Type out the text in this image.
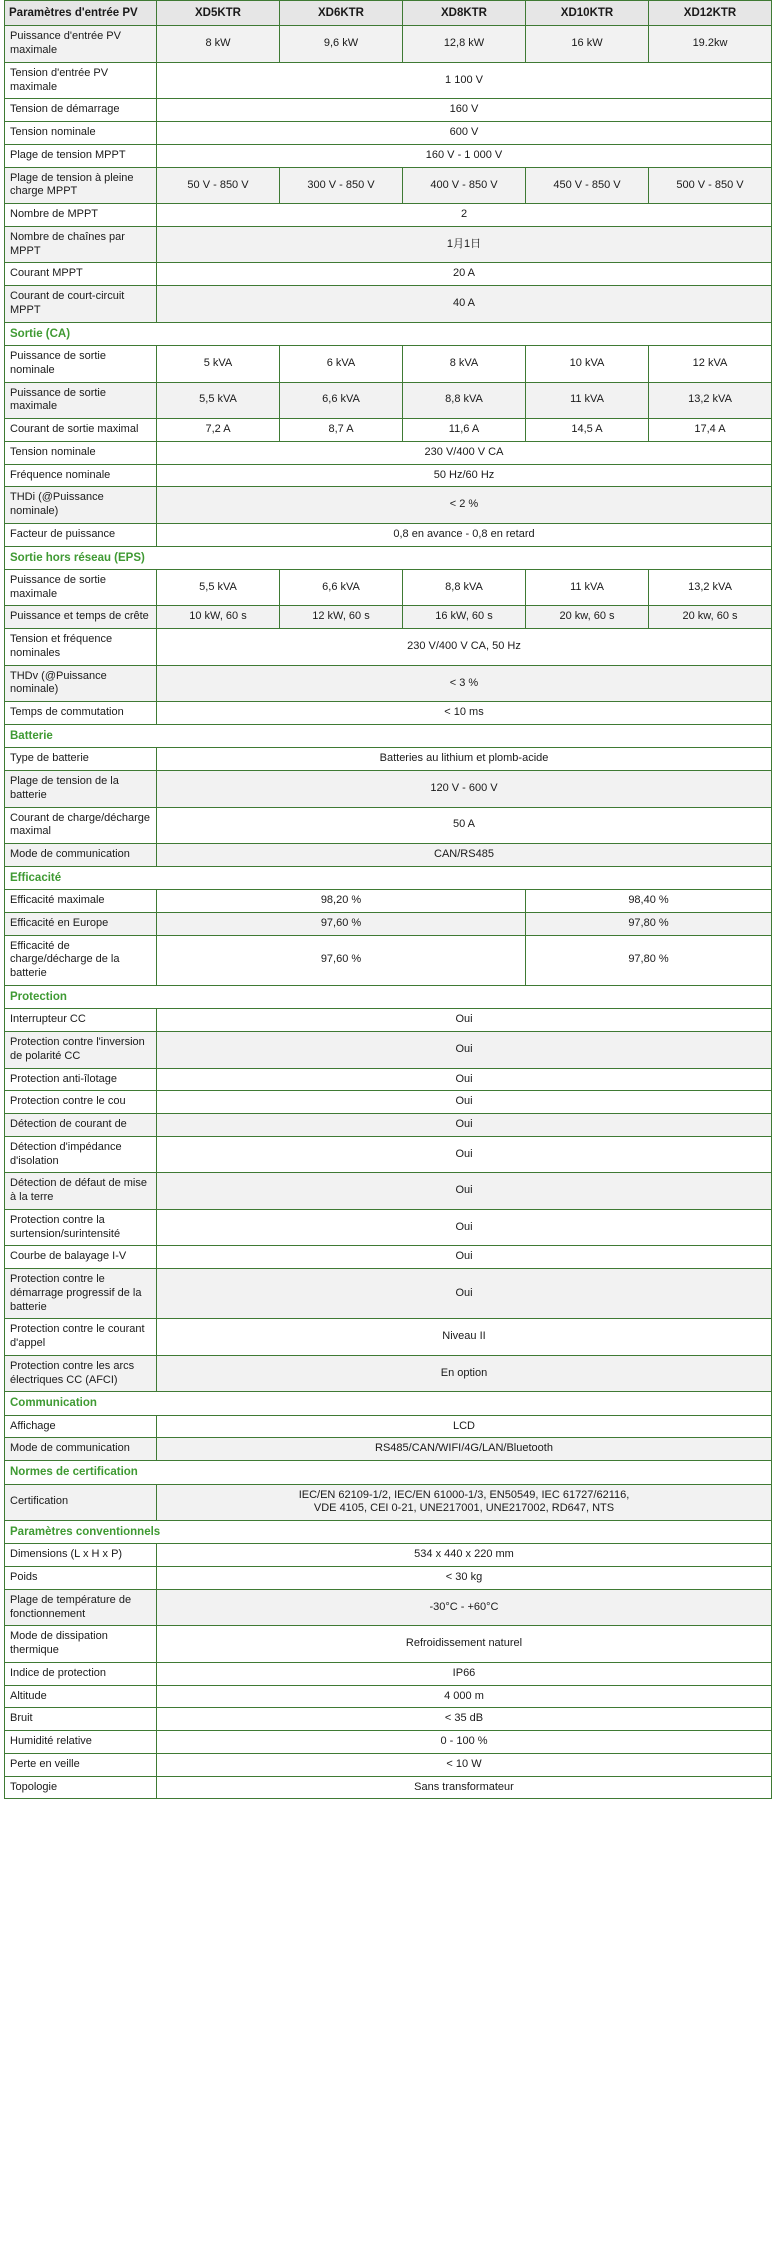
Paramètres d'entrée PV	XD5KTR	XD6KTR	XD8KTR	XD10KTR	XD12KTR
Puissance d'entrée PV maximale	8 kW	9,6 kW	12,8 kW	16 kW	19.2kw
Tension d'entrée PV maximale	1 100 V				
Tension de démarrage	160 V				
Tension nominale	600 V				
Plage de tension MPPT	160 V - 1 000 V				
Plage de tension à pleine charge MPPT	50 V - 850 V	300 V - 850 V	400 V - 850 V	450 V - 850 V	500 V - 850 V
Nombre de MPPT	2				
Nombre de chaînes par MPPT	1月1日				
Courant MPPT	20 A				
Courant de court-circuit MPPT	40 A				
Sortie (CA)					
Puissance de sortie nominale	5 kVA	6 kVA	8 kVA	10 kVA	12 kVA
Puissance de sortie maximale	5,5 kVA	6,6 kVA	8,8 kVA	11 kVA	13,2 kVA
Courant de sortie maximal	7,2 A	8,7 A	11,6 A	14,5 A	17,4 A
Tension nominale	230 V/400 V CA				
Fréquence nominale	50 Hz/60 Hz				
THDi (@Puissance nominale)	< 2 %				
Facteur de puissance	0,8 en avance - 0,8 en retard				
Sortie hors réseau (EPS)					
Puissance de sortie maximale	5,5 kVA	6,6 kVA	8,8 kVA	11 kVA	13,2 kVA
Puissance et temps de crête	10 kW, 60 s	12 kW, 60 s	16 kW, 60 s	20 kw, 60 s	20 kw, 60 s
Tension et fréquence nominales	230 V/400 V CA, 50 Hz				
THDv (@Puissance nominale)	< 3 %				
Temps de commutation	< 10 ms				
Batterie					
Type de batterie	Batteries au lithium et plomb-acide				
Plage de tension de la batterie	120 V - 600 V				
Courant de charge/décharge maximal	50 A				
Mode de communication	CAN/RS485				
Efficacité					
Efficacité maximale	98,20 %			98,40 %	
Efficacité en Europe	97,60 %			97,80 %	
Efficacité de charge/décharge de la batterie	97,60 %			97,80 %	
Protection					
Interrupteur CC	Oui				
Protection contre l'inversion de polarité CC	Oui				
Protection anti-îlotage	Oui				
Protection contre le cou	Oui				
Détection de courant de	Oui				
Détection d'impédance d'isolation	Oui				
Détection de défaut de mise à la terre	Oui				
Protection contre la surtension/surintensité	Oui				
Courbe de balayage I-V	Oui				
Protection contre le démarrage progressif de la batterie	Oui				
Protection contre le courant d'appel	Niveau II				
Protection contre les arcs électriques CC (AFCI)	En option				
Communication					
Affichage	LCD				
Mode de communication	RS485/CAN/WIFI/4G/LAN/Bluetooth				
Normes de certification					
Certification	IEC/EN 62109-1/2, IEC/EN 61000-1/3, EN50549, IEC 61727/62116,
VDE 4105, CEI 0-21, UNE217001, UNE217002, RD647, NTS				
Paramètres conventionnels					
Dimensions (L x H x P)	534 x 440 x 220 mm				
Poids	< 30 kg				
Plage de température de fonctionnement	-30°C - +60°C				
Mode de dissipation thermique	Refroidissement naturel				
Indice de protection	IP66				
Altitude	4 000 m				
Bruit	< 35 dB				
Humidité relative	0 - 100 %				
Perte en veille	< 10 W				
Topologie	Sans transformateur				
